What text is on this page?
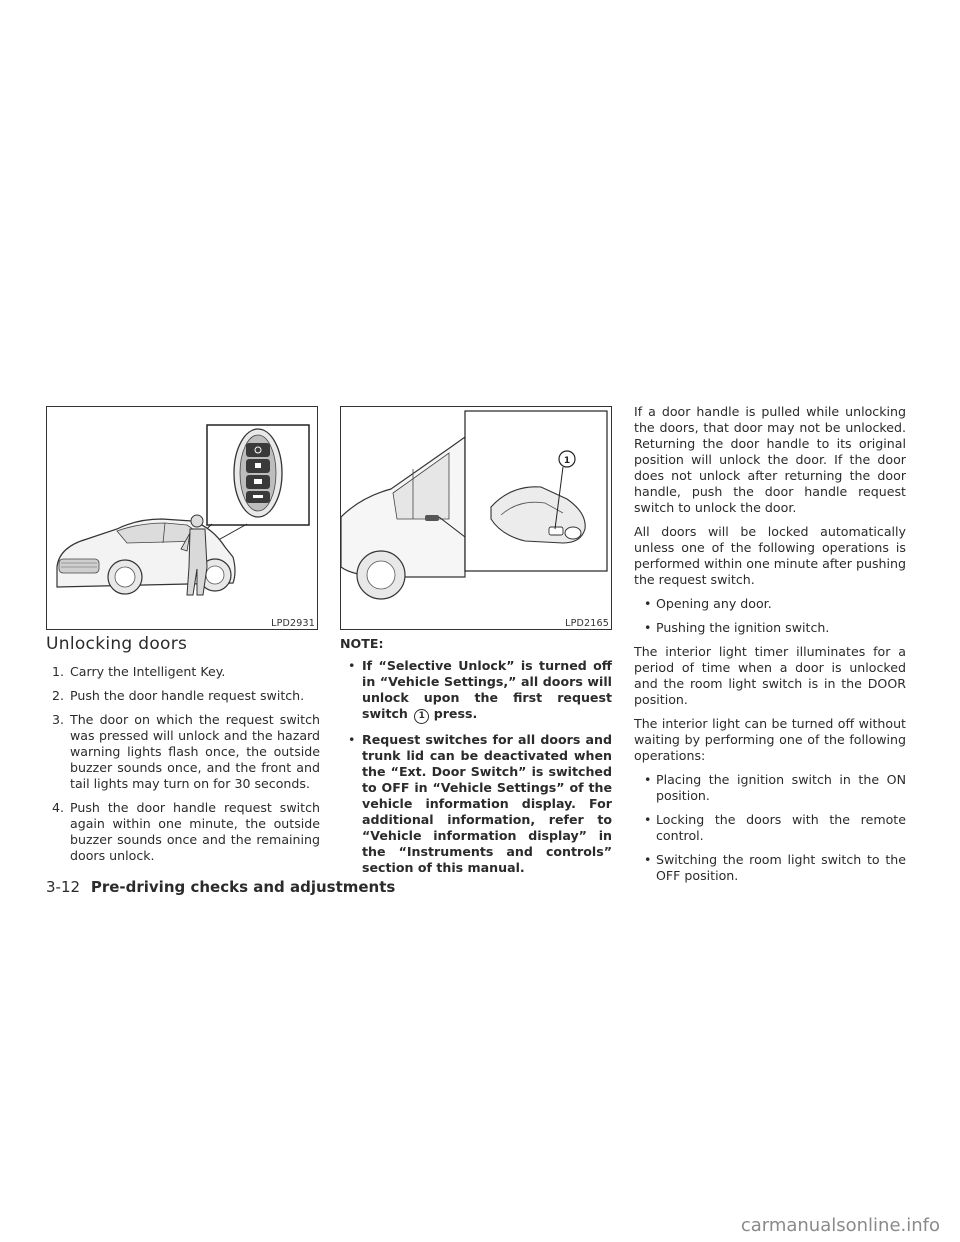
LPD2931
1
LPD2165
Unlocking doors
1. Carry the Intelligent Key.
2. Push the door handle request switch.
3. The door on which the request switch was pressed will unlock and the hazard warning lights flash once, the outside buzzer sounds once, and the front and tail lights may turn on for 30 seconds.
4. Push the door handle request switch again within one minute, the outside buzzer sounds once and the remaining doors unlock.
NOTE:
• If “Selective Unlock” is turned off in “Vehicle Settings,” all doors will unlock upon the first request switch 1 press.
• Request switches for all doors and trunk lid can be deactivated when the “Ext. Door Switch” is switched to OFF in “Vehicle Settings” of the vehicle information display. For additional information, refer to “Vehicle information display” in the “Instruments and controls” section of this manual.

If a door handle is pulled while unlocking the doors, that door may not be unlocked. Returning the door handle to its original position will unlock the door. If the door does not unlock after returning the door handle, push the door handle request switch to unlock the door.

All doors will be locked automatically unless one of the following operations is performed within one minute after pushing the request switch.

• Opening any door.
• Pushing the ignition switch.

The interior light timer illuminates for a period of time when a door is unlocked and the room light switch is in the DOOR position.

The interior light can be turned off without waiting by performing one of the following operations:

• Placing the ignition switch in the ON position.
• Locking the doors with the remote control.
• Switching the room light switch to the OFF position.
3-12 Pre-driving checks and adjustments
carmanualsonline.info
